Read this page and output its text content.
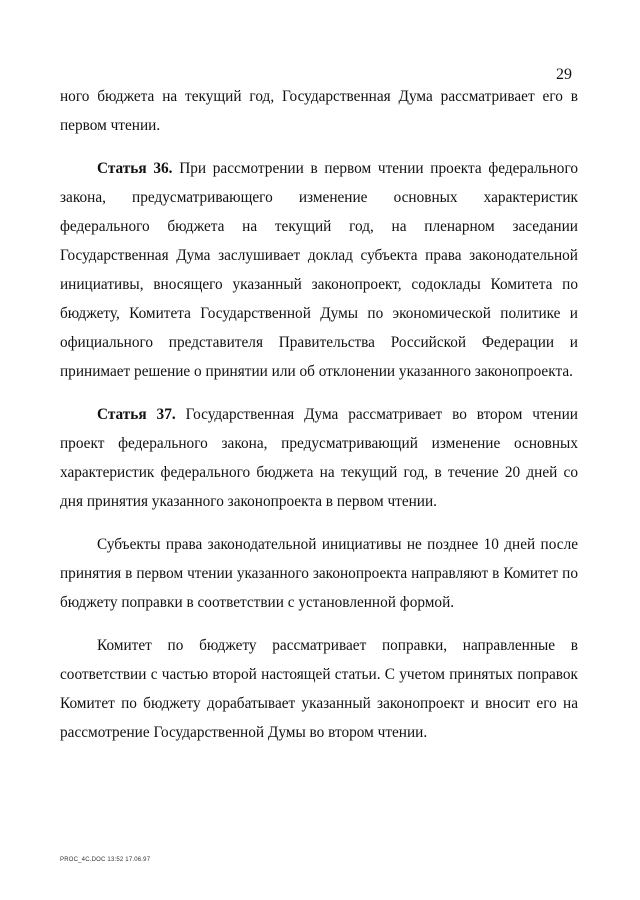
29

ного бюджета на текущий год, Государственная Дума рассматривает его в первом чтении.

Статья 36. При рассмотрении в первом чтении проекта федерального закона, предусматривающего изменение основных характеристик федерального бюджета на текущий год, на пленарном заседании Государственная Дума заслушивает доклад субъекта права законодательной инициативы, вносящего указанный законопроект, содоклады Комитета по бюджету, Комитета Государственной Думы по экономической политике и официального представителя Правительства Российской Федерации и принимает решение о принятии или об отклонении указанного законопроекта.

Статья 37. Государственная Дума рассматривает во втором чтении проект федерального закона, предусматривающий изменение основных характеристик федерального бюджета на текущий год, в течение 20 дней со дня принятия указанного законопроекта в первом чтении.

Субъекты права законодательной инициативы не позднее 10 дней после принятия в первом чтении указанного законопроекта направляют в Комитет по бюджету поправки в соответствии с установленной формой.

Комитет по бюджету рассматривает поправки, направленные в соответствии с частью второй настоящей статьи. С учетом принятых поправок Комитет по бюджету дорабатывает указанный законопроект и вносит его на рассмотрение Государственной Думы во втором чтении.

PROC_4C.DOC 13:52 17.06.97
